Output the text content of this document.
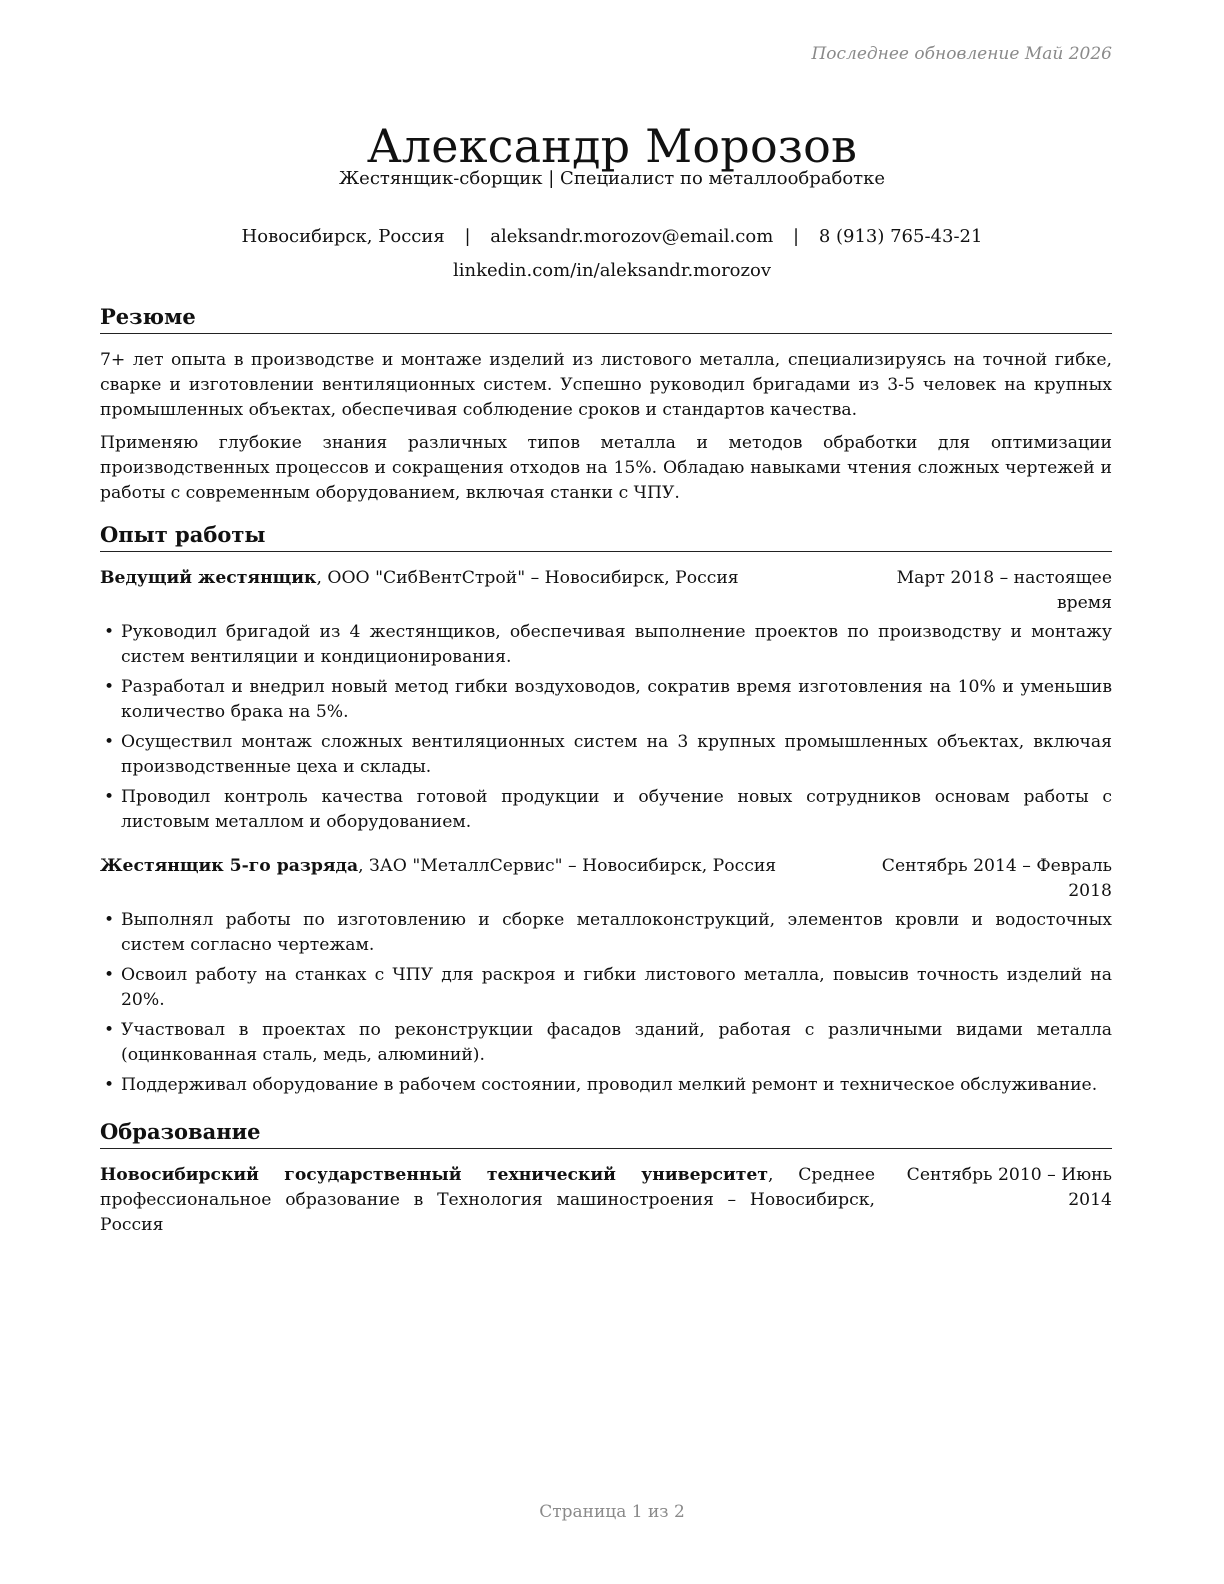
Последнее обновление Май 2026
Александр Морозов
Жестянщик-сборщик | Специалист по металлообработке
Новосибирск, Россия | aleksandr.morozov@email.com | 8 (913) 765-43-21
linkedin.com/in/aleksandr.morozov
Резюме

7+ лет опыта в производстве и монтаже изделий из листового металла, специализируясь на точной гибке, сварке и изготовлении вентиляционных систем. Успешно руководил бригадами из 3-5 человек на крупных промышленных объектах, обеспечивая соблюдение сроков и стандартов качества.

Применяю глубокие знания различных типов металла и методов обработки для оптимизации производственных процессов и сокращения отходов на 15%. Обладаю навыками чтения сложных чертежей и работы с современным оборудованием, включая станки с ЧПУ.

Опыт работы
Ведущий жестянщик, ООО "СибВентСтрой" – Новосибирск, Россия	Март 2018 – настоящее время
• Руководил бригадой из 4 жестянщиков, обеспечивая выполнение проектов по производству и монтажу систем вентиляции и кондиционирования.
• Разработал и внедрил новый метод гибки воздуховодов, сократив время изготовления на 10% и уменьшив количество брака на 5%.
• Осуществил монтаж сложных вентиляционных систем на 3 крупных промышленных объектах, включая производственные цеха и склады.
• Проводил контроль качества готовой продукции и обучение новых сотрудников основам работы с листовым металлом и оборудованием.
Жестянщик 5-го разряда, ЗАО "МеталлСервис" – Новосибирск, Россия	Сентябрь 2014 – Февраль 2018
• Выполнял работы по изготовлению и сборке металлоконструкций, элементов кровли и водосточных систем согласно чертежам.
• Освоил работу на станках с ЧПУ для раскроя и гибки листового металла, повысив точность изделий на 20%.
• Участвовал в проектах по реконструкции фасадов зданий, работая с различными видами металла (оцинкованная сталь, медь, алюминий).
• Поддерживал оборудование в рабочем состоянии, проводил мелкий ремонт и техническое обслуживание.
Образование
Новосибирский государственный технический университет, Среднее профессиональное образование в Технология машиностроения – Новосибирск, Россия
Сентябрь 2010 – Июнь 2014
Страница 1 из 2
